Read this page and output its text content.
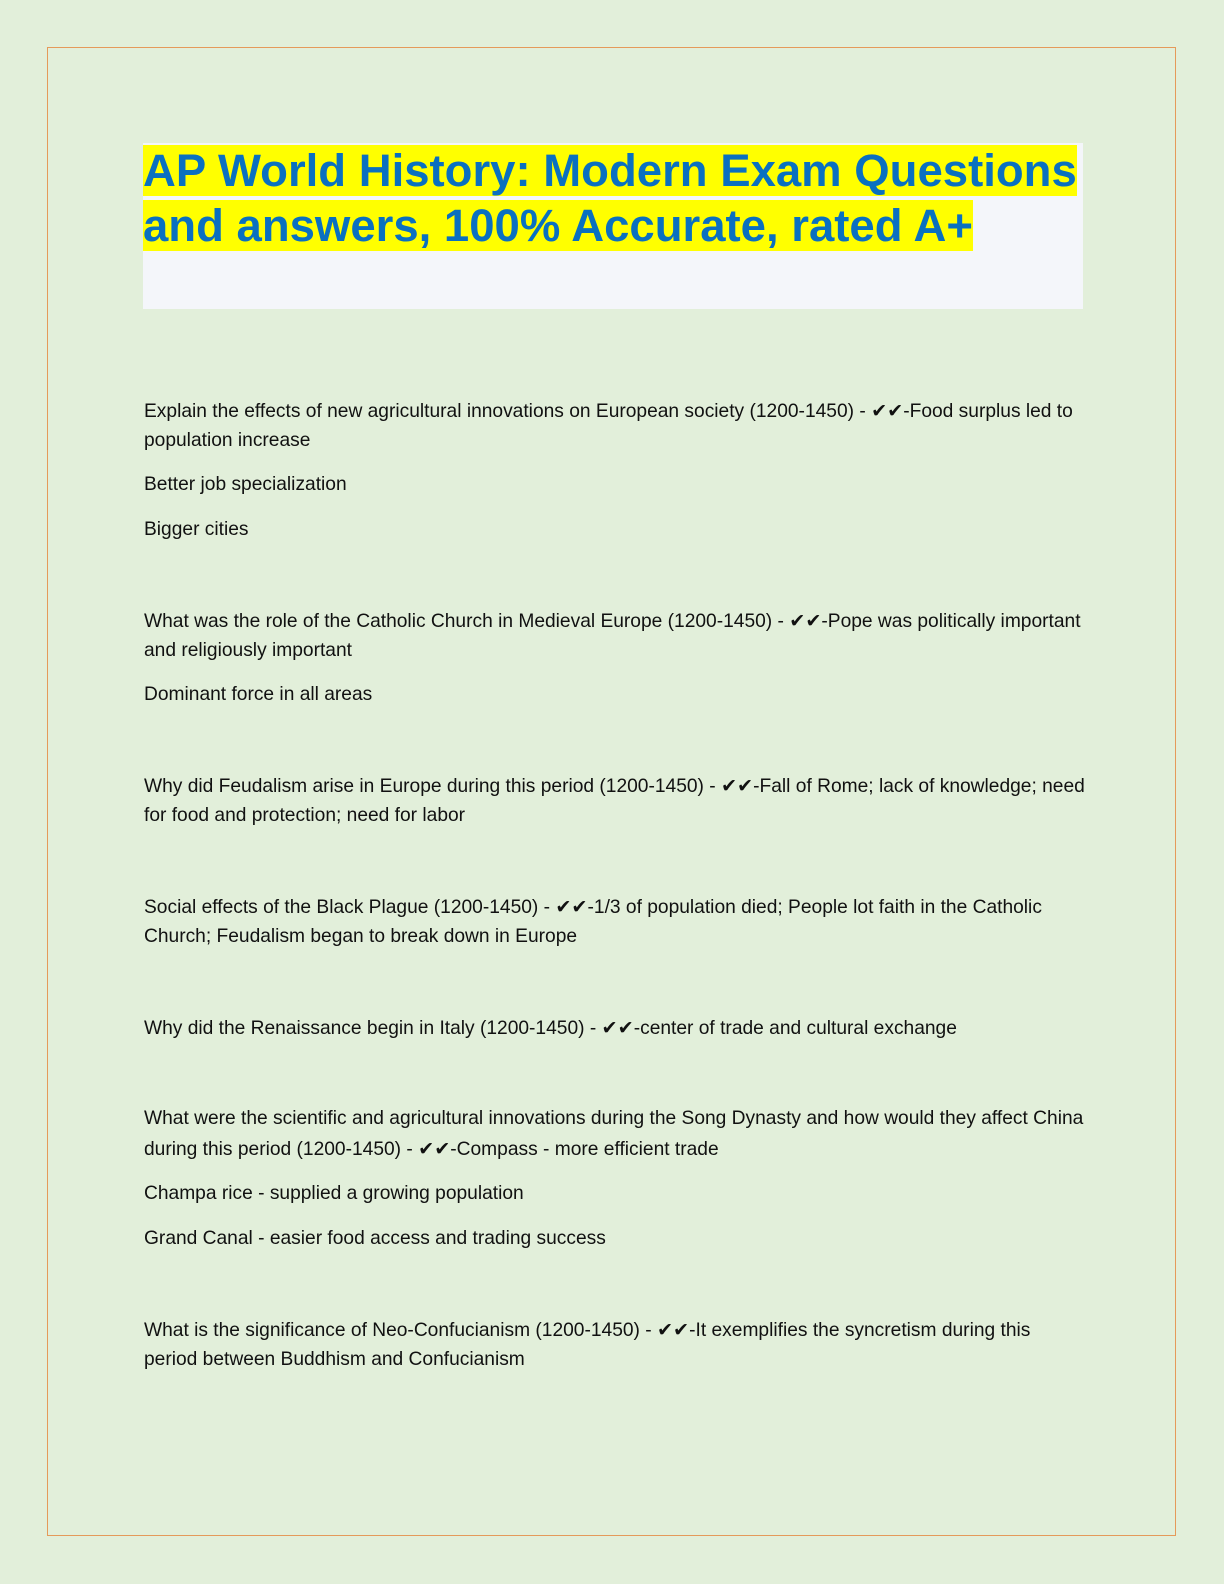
AP World History: Modern Exam Questions and answers, 100% Accurate, rated A+

Explain the effects of new agricultural innovations on European society (1200-1450) - ✔✔-Food surplus led to population increase

Better job specialization

Bigger cities

What was the role of the Catholic Church in Medieval Europe (1200-1450) - ✔✔-Pope was politically important and religiously important

Dominant force in all areas

Why did Feudalism arise in Europe during this period (1200-1450) - ✔✔-Fall of Rome; lack of knowledge; need for food and protection; need for labor

Social effects of the Black Plague (1200-1450) - ✔✔-1/3 of population died; People lot faith in the Catholic Church; Feudalism began to break down in Europe

Why did the Renaissance begin in Italy (1200-1450) - ✔✔-center of trade and cultural exchange

What were the scientific and agricultural innovations during the Song Dynasty and how would they affect China during this period (1200-1450) - ✔✔-Compass - more efficient trade

Champa rice - supplied a growing population

Grand Canal - easier food access and trading success

What is the significance of Neo-Confucianism (1200-1450) - ✔✔-It exemplifies the syncretism during this period between Buddhism and Confucianism
